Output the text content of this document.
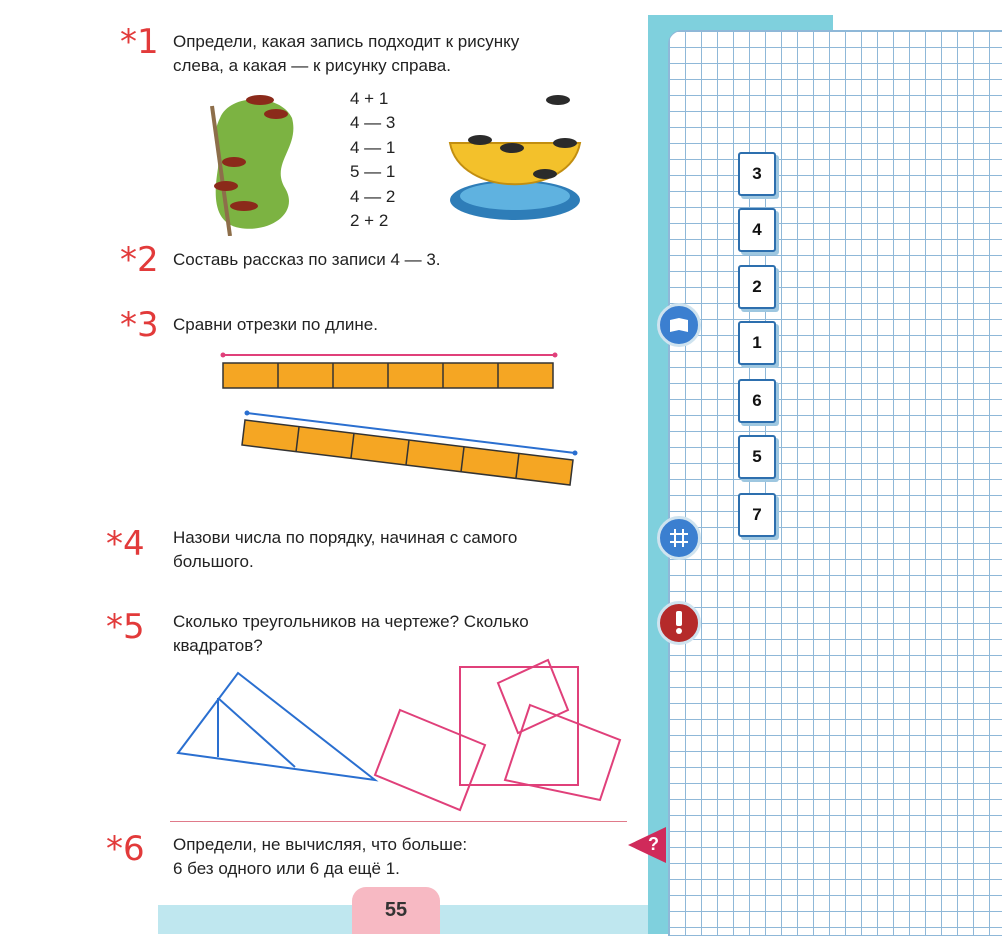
*1 Определи, какая запись подходит к рисунку
слева, а какая — к рисунку справа.
4 + 1
4 — 3
4 — 1
5 — 1
4 — 2
2 + 2
*2 Составь рассказ по записи 4 — 3.
*3 Сравни отрезки по длине.
*4 Назови числа по порядку, начиная с самого
большого.
*5 Сколько треугольников на чертеже? Сколько
квадратов?
*6 Определи, не вычисляя, что больше:
6 без одного или 6 да ещё 1.
3
4
2
1
6
5
7
?
55
